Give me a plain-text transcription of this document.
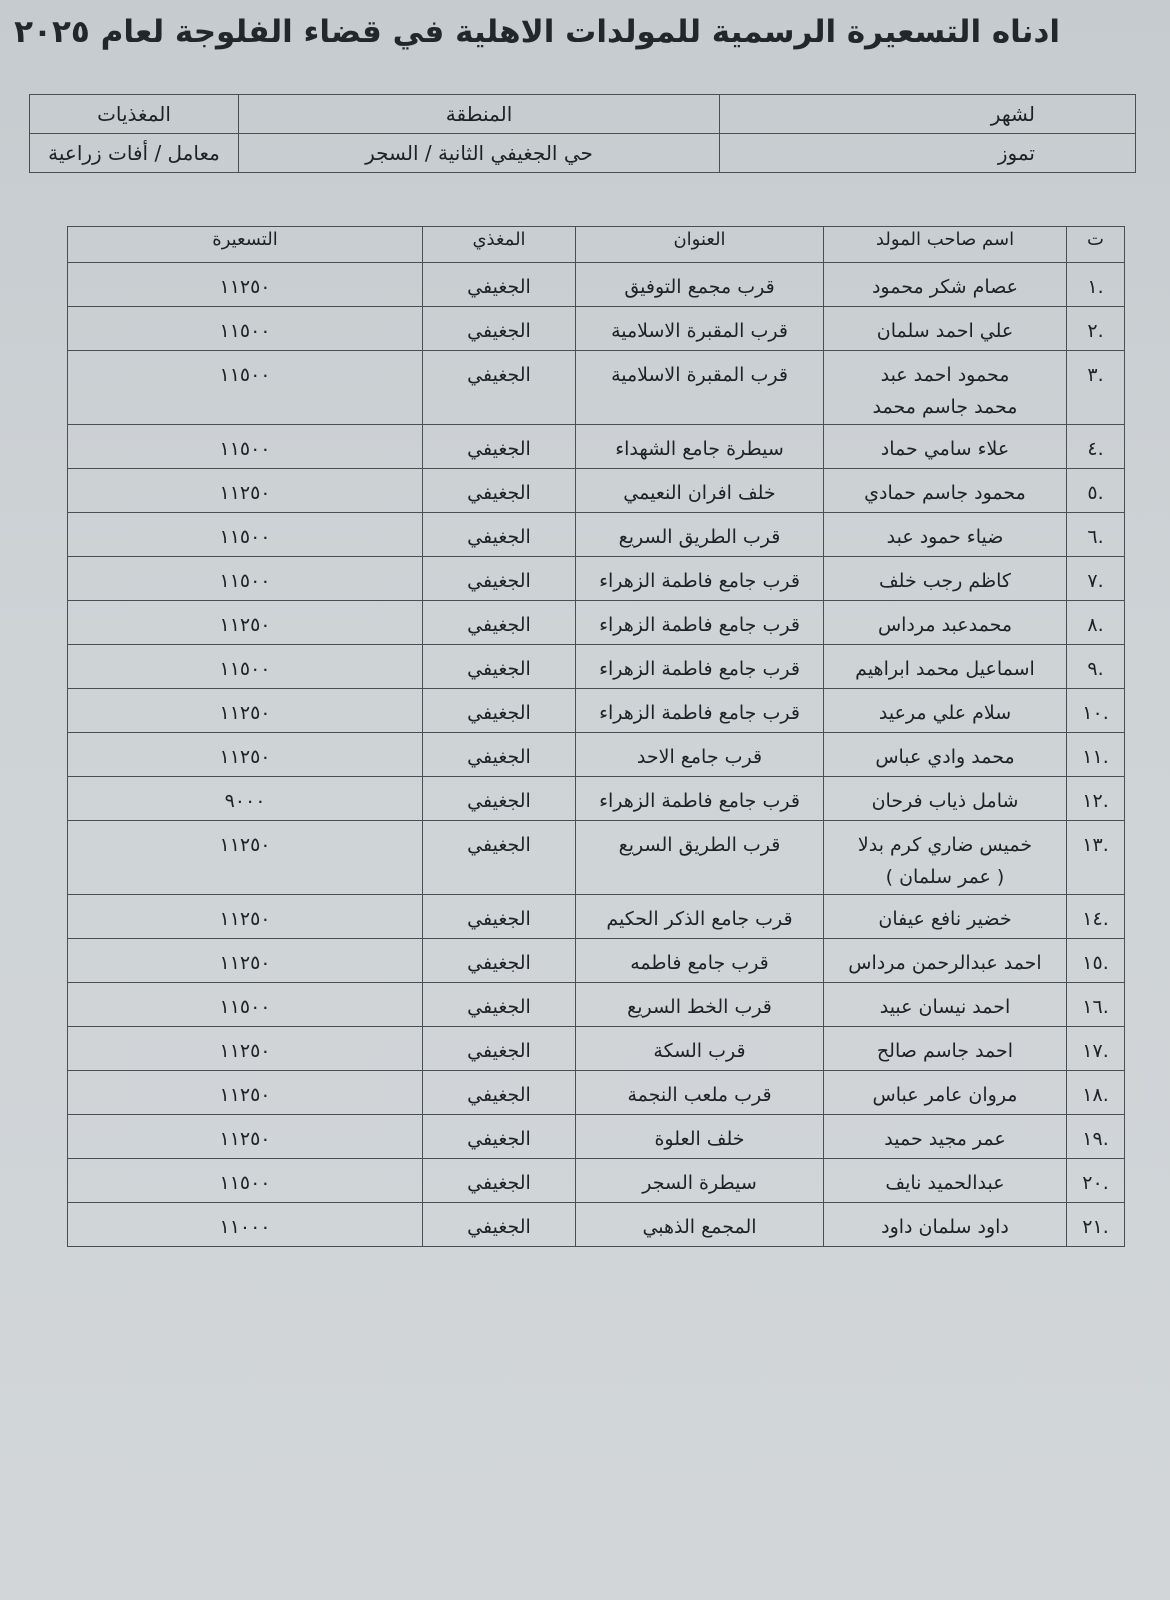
ادناه التسعيرة الرسمية للمولدات الاهلية في قضاء الفلوجة لعام ٢٠٢٥
لشهر	المنطقة	المغذيات
تموز	حي الجغيفي الثانية / السجر	معامل / أفات زراعية
ت	اسم صاحب المولد	العنوان	المغذي	التسعيرة
.١	عصام شكر محمود	قرب مجمع التوفيق	الجغيفي	١١٢٥٠
.٢	علي احمد سلمان	قرب المقبرة الاسلامية	الجغيفي	١١٥٠٠
.٣	محمود احمد عبد
محمد جاسم محمد	قرب المقبرة الاسلامية	الجغيفي	١١٥٠٠
.٤	علاء سامي حماد	سيطرة جامع الشهداء	الجغيفي	١١٥٠٠
.٥	محمود جاسم حمادي	خلف افران النعيمي	الجغيفي	١١٢٥٠
.٦	ضياء حمود عبد	قرب الطريق السريع	الجغيفي	١١٥٠٠
.٧	كاظم رجب خلف	قرب جامع فاطمة الزهراء	الجغيفي	١١٥٠٠
.٨	محمدعبد مرداس	قرب جامع فاطمة الزهراء	الجغيفي	١١٢٥٠
.٩	اسماعيل محمد ابراهيم	قرب جامع فاطمة الزهراء	الجغيفي	١١٥٠٠
.١٠	سلام علي مرعيد	قرب جامع فاطمة الزهراء	الجغيفي	١١٢٥٠
.١١	محمد وادي عباس	قرب جامع الاحد	الجغيفي	١١٢٥٠
.١٢	شامل ذياب فرحان	قرب جامع فاطمة الزهراء	الجغيفي	٩٠٠٠
.١٣	خميس ضاري كرم بدلا
( عمر سلمان )	قرب الطريق السريع	الجغيفي	١١٢٥٠
.١٤	خضير نافع عيفان	قرب جامع الذكر الحكيم	الجغيفي	١١٢٥٠
.١٥	احمد عبدالرحمن مرداس	قرب جامع فاطمه	الجغيفي	١١٢٥٠
.١٦	احمد نيسان عبيد	قرب الخط السريع	الجغيفي	١١٥٠٠
.١٧	احمد جاسم صالح	قرب السكة	الجغيفي	١١٢٥٠
.١٨	مروان عامر عباس	قرب ملعب النجمة	الجغيفي	١١٢٥٠
.١٩	عمر مجيد حميد	خلف العلوة	الجغيفي	١١٢٥٠
.٢٠	عبدالحميد نايف	سيطرة السجر	الجغيفي	١١٥٠٠
.٢١	داود سلمان داود	المجمع الذهبي	الجغيفي	١١٠٠٠
